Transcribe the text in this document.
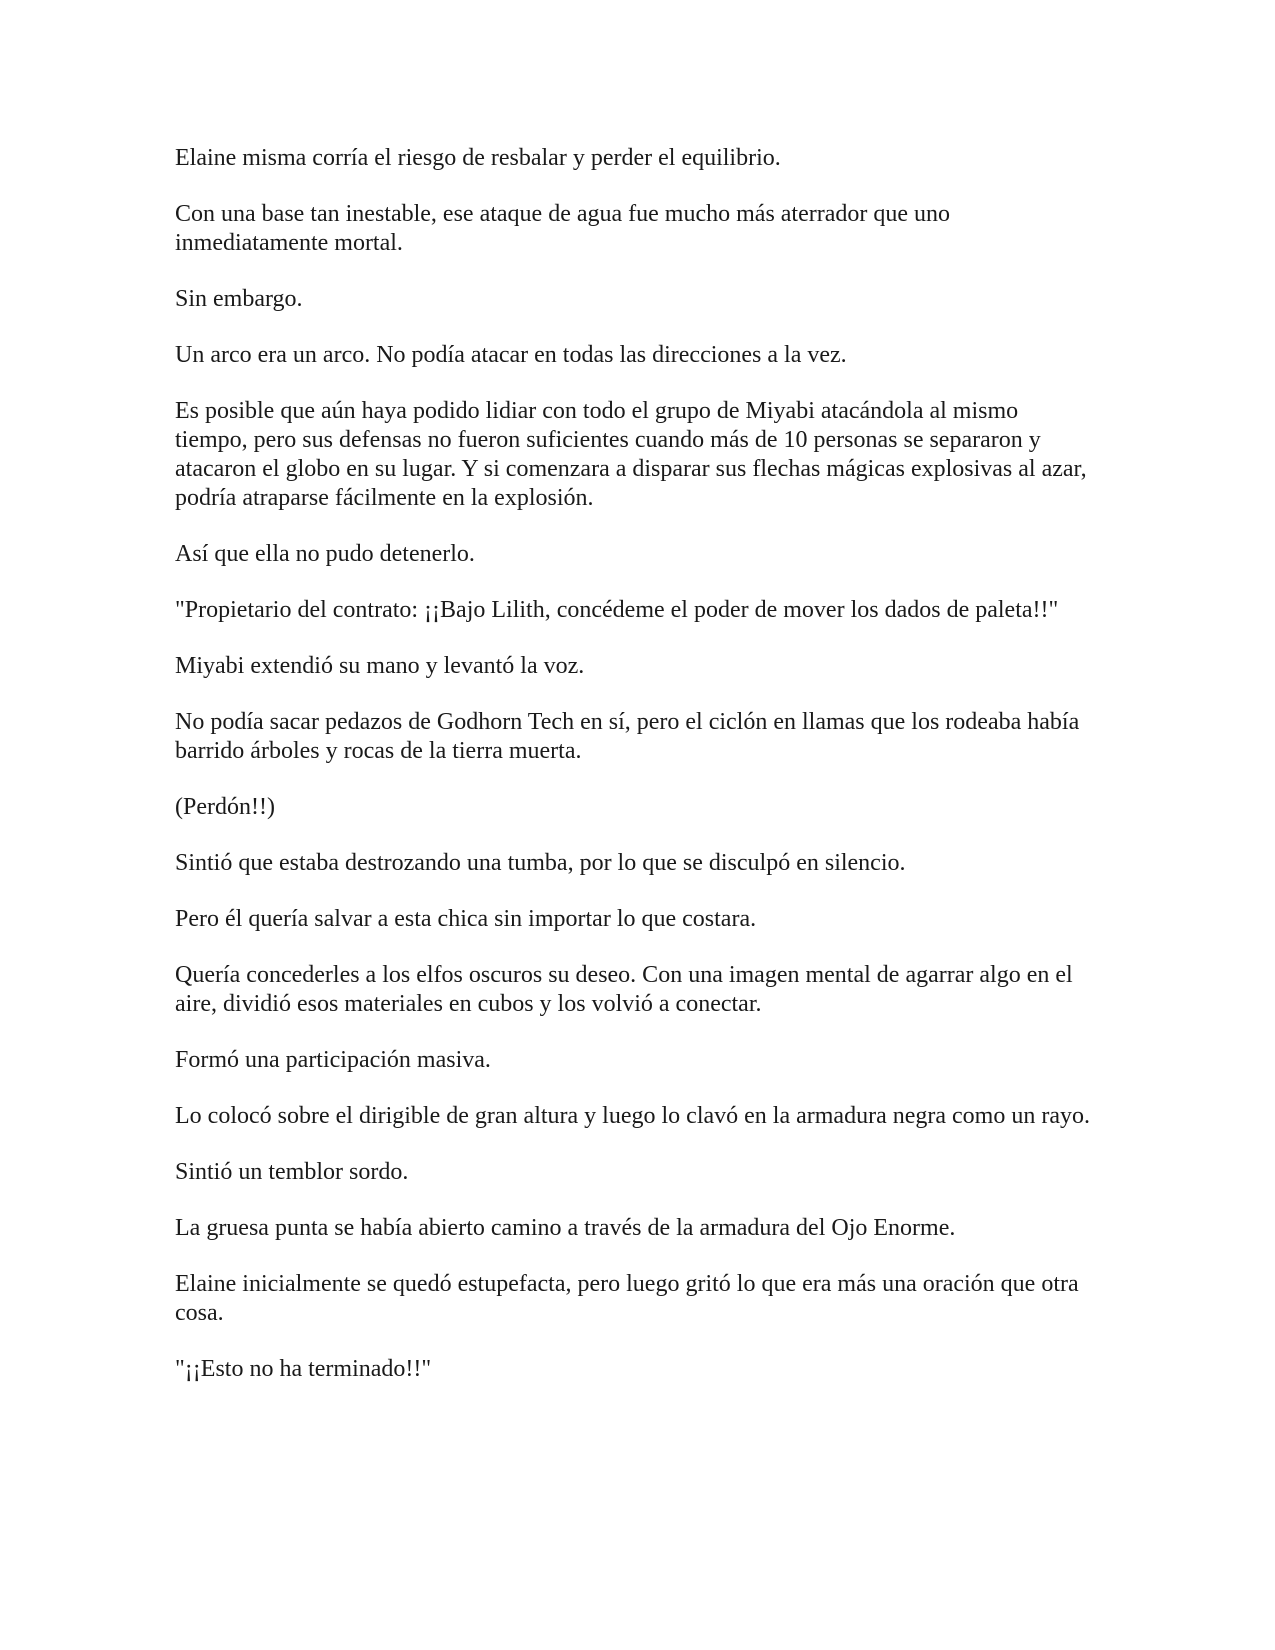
Elaine misma corría el riesgo de resbalar y perder el equilibrio.

Con una base tan inestable, ese ataque de agua fue mucho más aterrador que uno inmediatamente mortal.

Sin embargo.

Un arco era un arco. No podía atacar en todas las direcciones a la vez.

Es posible que aún haya podido lidiar con todo el grupo de Miyabi atacándola al mismo tiempo, pero sus defensas no fueron suficientes cuando más de 10 personas se separaron y atacaron el globo en su lugar. Y si comenzara a disparar sus flechas mágicas explosivas al azar, podría atraparse fácilmente en la explosión.

Así que ella no pudo detenerlo.

"Propietario del contrato: ¡¡Bajo Lilith, concédeme el poder de mover los dados de paleta!!"

Miyabi extendió su mano y levantó la voz.

No podía sacar pedazos de Godhorn Tech en sí, pero el ciclón en llamas que los rodeaba había barrido árboles y rocas de la tierra muerta.

(Perdón!!)

Sintió que estaba destrozando una tumba, por lo que se disculpó en silencio.

Pero él quería salvar a esta chica sin importar lo que costara.

Quería concederles a los elfos oscuros su deseo. Con una imagen mental de agarrar algo en el aire, dividió esos materiales en cubos y los volvió a conectar.

Formó una participación masiva.

Lo colocó sobre el dirigible de gran altura y luego lo clavó en la armadura negra como un rayo.

Sintió un temblor sordo.

La gruesa punta se había abierto camino a través de la armadura del Ojo Enorme.

Elaine inicialmente se quedó estupefacta, pero luego gritó lo que era más una oración que otra cosa.

"¡¡Esto no ha terminado!!"
